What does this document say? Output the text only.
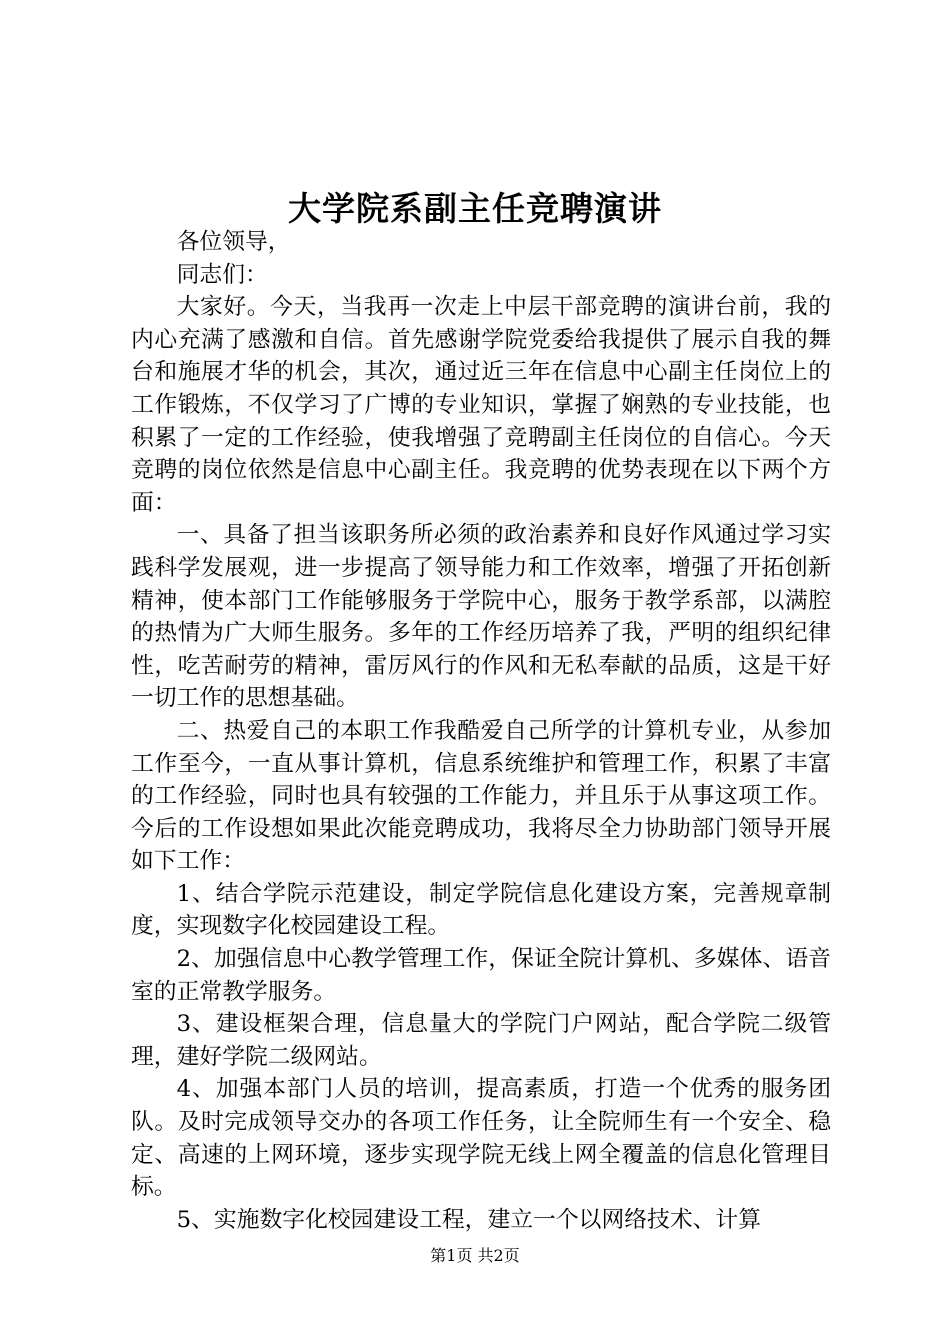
大学院系副主任竞聘演讲

各位领导，

同志们：

大家好。今天，当我再一次走上中层干部竞聘的演讲台前，我的内心充满了感激和自信。首先感谢学院党委给我提供了展示自我的舞台和施展才华的机会，其次，通过近三年在信息中心副主任岗位上的工作锻炼，不仅学习了广博的专业知识，掌握了娴熟的专业技能，也积累了一定的工作经验，使我增强了竞聘副主任岗位的自信心。今天竞聘的岗位依然是信息中心副主任。我竞聘的优势表现在以下两个方面：

一、具备了担当该职务所必须的政治素养和良好作风通过学习实践科学发展观，进一步提高了领导能力和工作效率，增强了开拓创新精神，使本部门工作能够服务于学院中心，服务于教学系部，以满腔的热情为广大师生服务。多年的工作经历培养了我，严明的组织纪律性，吃苦耐劳的精神，雷厉风行的作风和无私奉献的品质，这是干好一切工作的思想基础。

二、热爱自己的本职工作我酷爱自己所学的计算机专业，从参加工作至今，一直从事计算机，信息系统维护和管理工作，积累了丰富的工作经验，同时也具有较强的工作能力，并且乐于从事这项工作。今后的工作设想如果此次能竞聘成功，我将尽全力协助部门领导开展如下工作：

1、结合学院示范建设，制定学院信息化建设方案，完善规章制度，实现数字化校园建设工程。

2、加强信息中心教学管理工作，保证全院计算机、多媒体、语音室的正常教学服务。

3、建设框架合理，信息量大的学院门户网站，配合学院二级管理，建好学院二级网站。

4、加强本部门人员的培训，提高素质，打造一个优秀的服务团队。及时完成领导交办的各项工作任务，让全院师生有一个安全、稳定、高速的上网环境，逐步实现学院无线上网全覆盖的信息化管理目标。

5、实施数字化校园建设工程，建立一个以网络技术、计算

第1页 共2页
